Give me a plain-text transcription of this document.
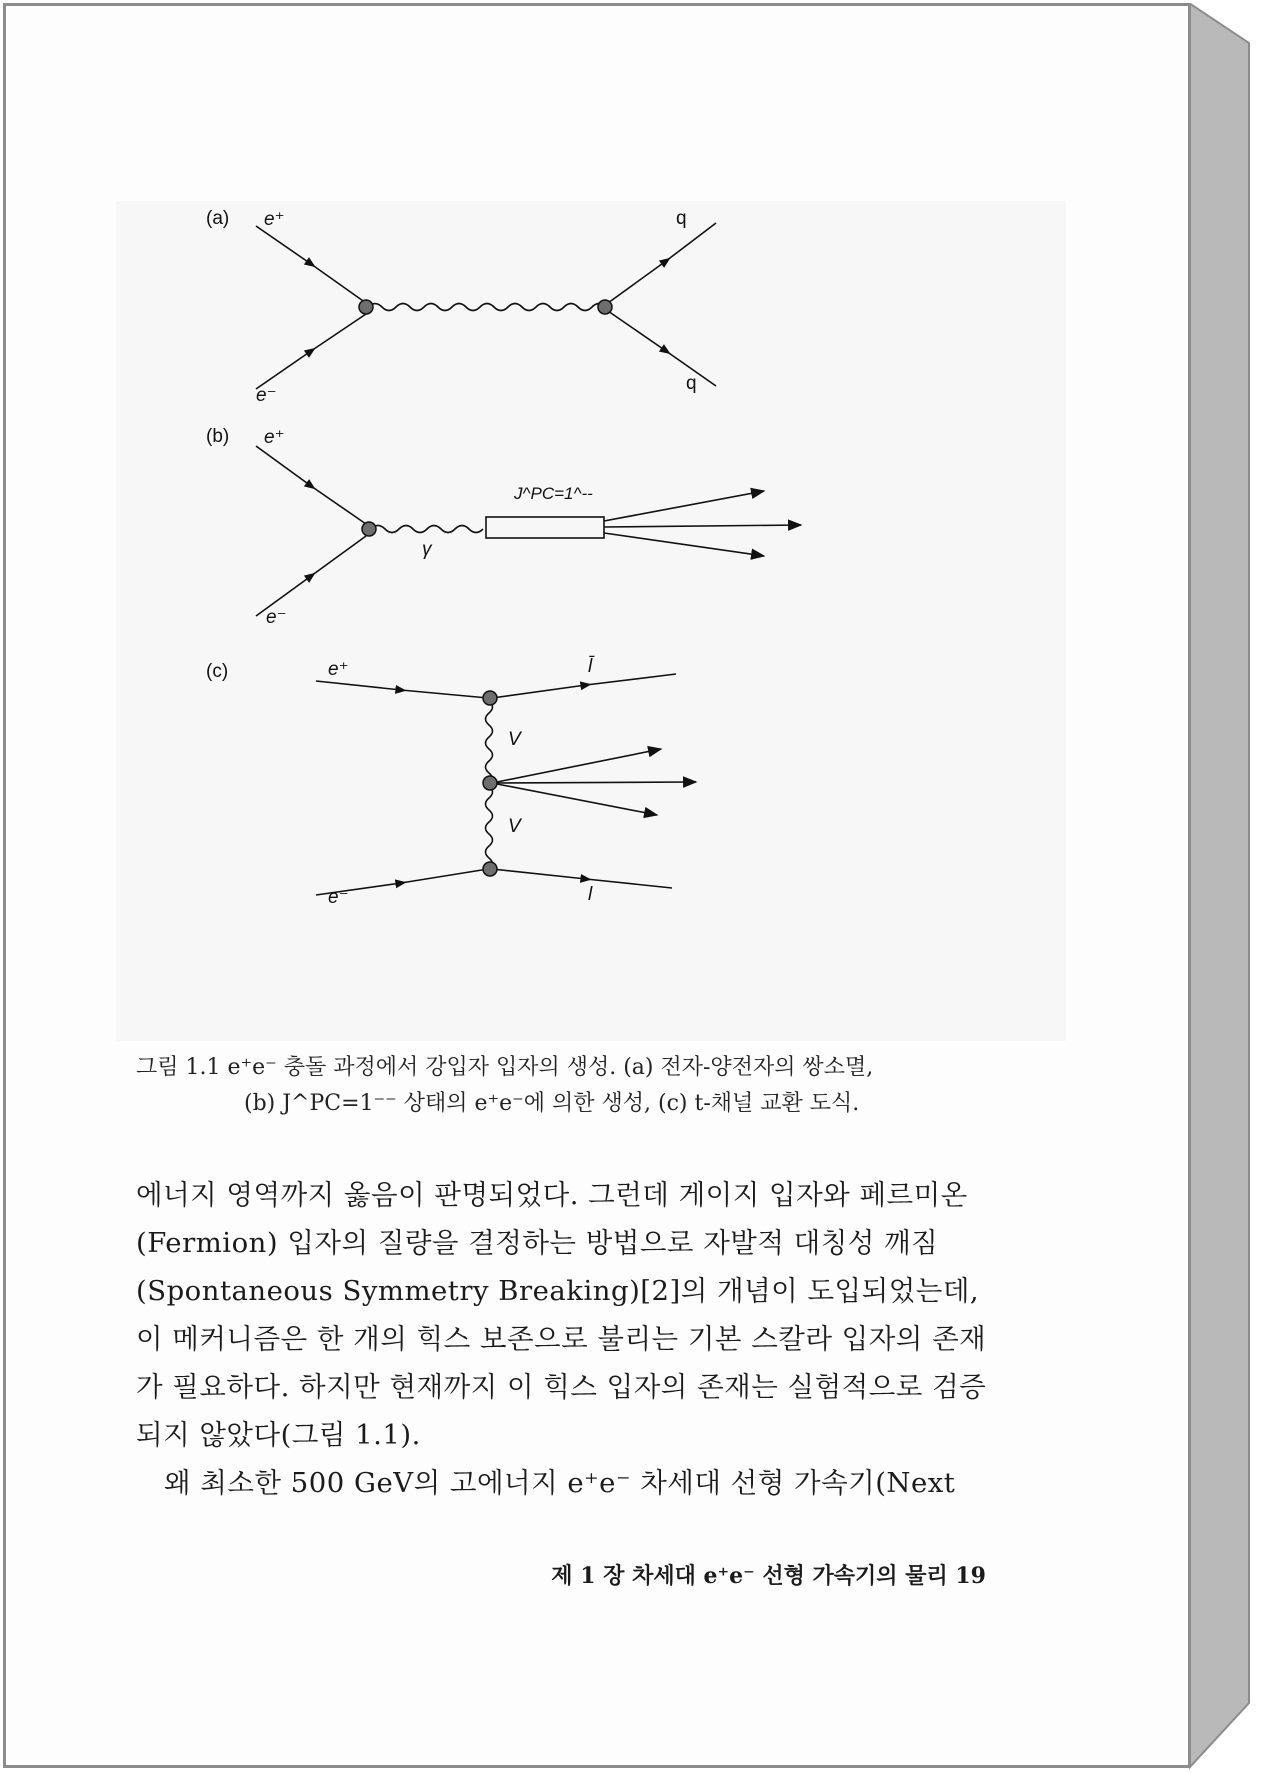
(a) e⁺
e⁻
q
q
(b) e⁺
e⁻
γ
J^PC=1^--
(c)	e⁺
e⁻
l̄
l
V
V
그림 1.1 e⁺e⁻ 충돌 과정에서 강입자 입자의 생성. (a) 전자-양전자의 쌍소멸,
(b) J^PC=1⁻⁻ 상태의 e⁺e⁻에 의한 생성, (c) t-채널 교환 도식.

에너지 영역까지 옳음이 판명되었다. 그런데 게이지 입자와 페르미온(Fermion) 입자의 질량을 결정하는 방법으로 자발적 대칭성 깨짐(Spontaneous Symmetry Breaking)[2]의 개념이 도입되었는데, 이 메커니즘은 한 개의 힉스 보존으로 불리는 기본 스칼라 입자의 존재가 필요하다. 하지만 현재까지 이 힉스 입자의 존재는 실험적으로 검증되지 않았다(그림 1.1).

왜 최소한 500 GeV의 고에너지 e⁺e⁻ 차세대 선형 가속기(Next

제 1 장 차세대 e⁺e⁻ 선형 가속기의 물리 19
